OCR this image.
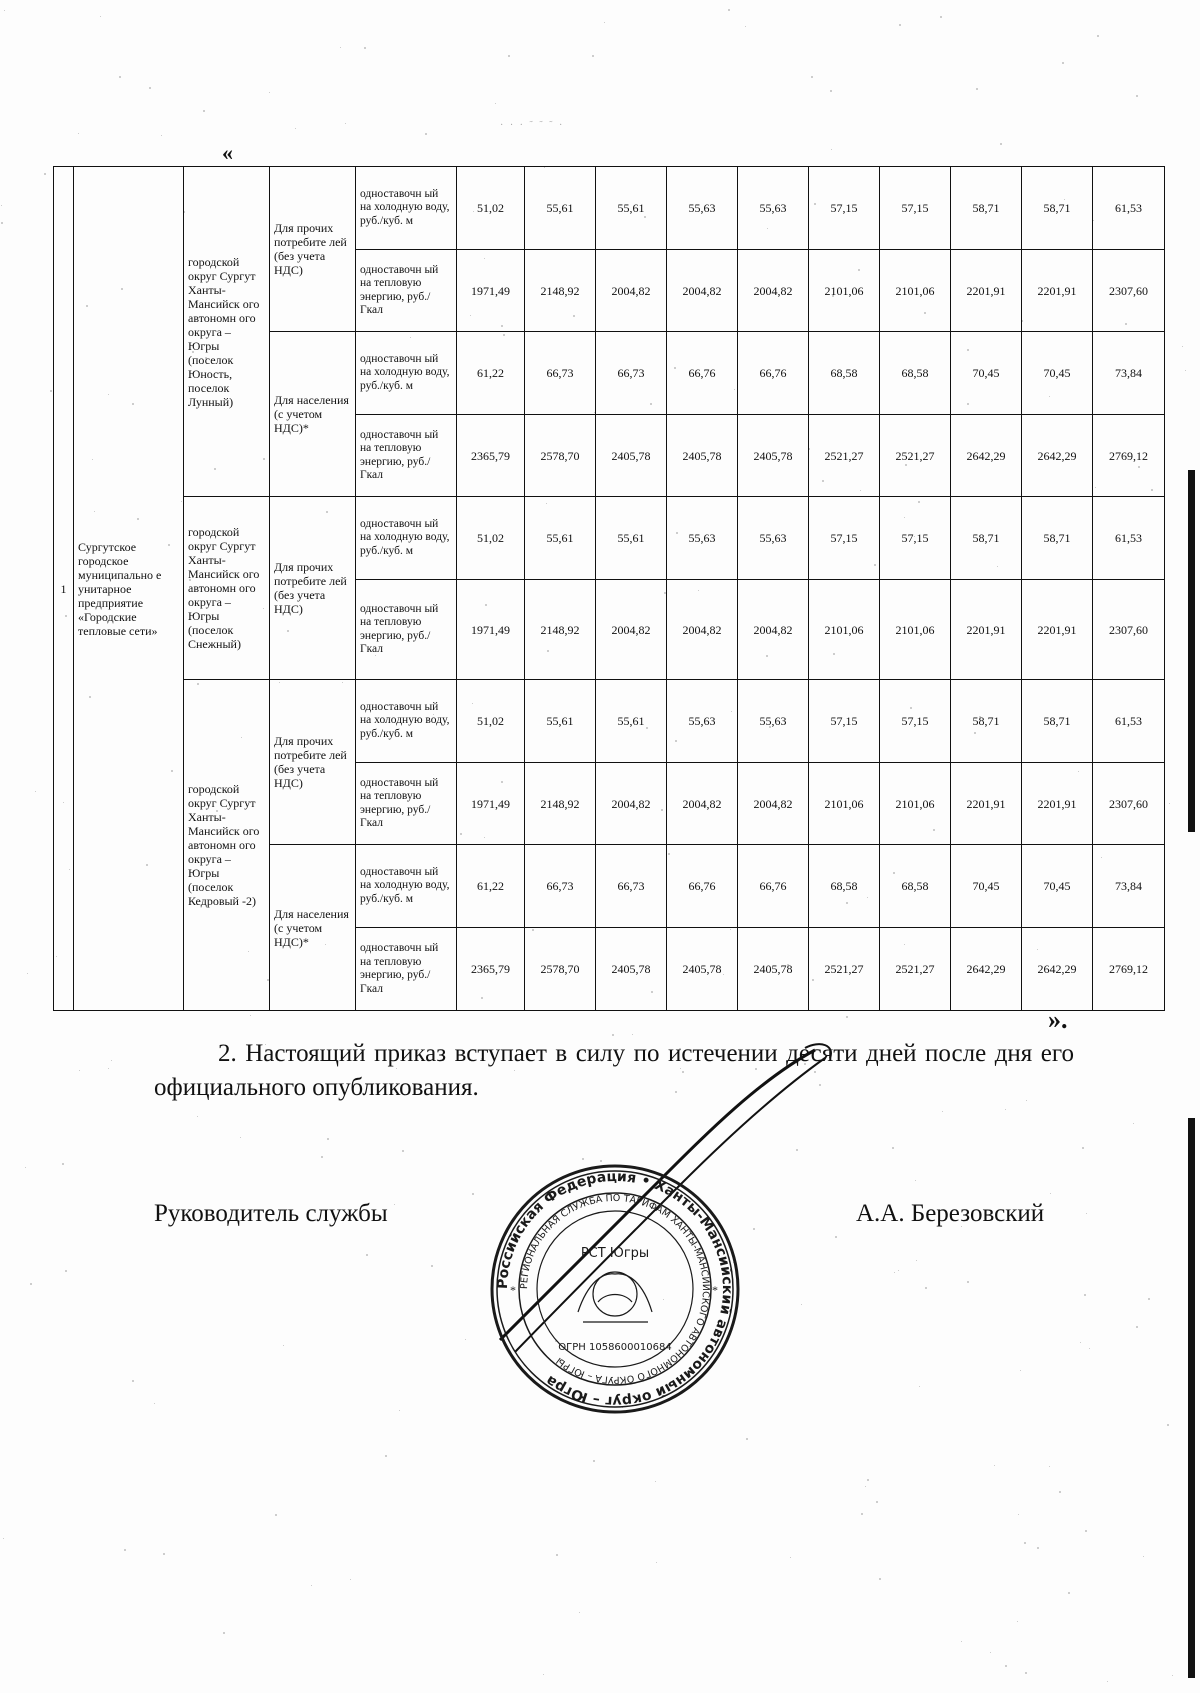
· · · ˜ ˜ ˜ ·
«
1	Сургутское городское муниципально е унитарное предприятие «Городские тепловые сети»	городской округ Сургут Ханты-Мансийск ого автономн ого округа – Югры (поселок Юность, поселок Лунный)	Для прочих потребите лей (без учета НДС)	одноставочн ый на холодную воду, руб./куб. м	51,02	55,61	55,61	55,63	55,63	57,15	57,15	58,71	58,71	61,53
				одноставочн ый на тепловую энергию, руб./ Гкал	1971,49	2148,92	2004,82	2004,82	2004,82	2101,06	2101,06	2201,91	2201,91	2307,60
			Для населения (с учетом НДС)*	одноставочн ый на холодную воду, руб./куб. м	61,22	66,73	66,73	66,76	66,76	68,58	68,58	70,45	70,45	73,84
				одноставочн ый на тепловую энергию, руб./ Гкал	2365,79	2578,70	2405,78	2405,78	2405,78	2521,27	2521,27	2642,29	2642,29	2769,12
		городской округ Сургут Ханты-Мансийск ого автономн ого округа – Югры (поселок Снежный)	Для прочих потребите лей (без учета НДС)	одноставочн ый на холодную воду, руб./куб. м	51,02	55,61	55,61	55,63	55,63	57,15	57,15	58,71	58,71	61,53
				одноставочн ый на тепловую энергию, руб./ Гкал	1971,49	2148,92	2004,82	2004,82	2004,82	2101,06	2101,06	2201,91	2201,91	2307,60
		городской округ Сургут Ханты-Мансийск ого автономн ого округа – Югры (поселок Кедровый -2)	Для прочих потребите лей (без учета НДС)	одноставочн ый на холодную воду, руб./куб. м	51,02	55,61	55,61	55,63	55,63	57,15	57,15	58,71	58,71	61,53
				одноставочн ый на тепловую энергию, руб./ Гкал	1971,49	2148,92	2004,82	2004,82	2004,82	2101,06	2101,06	2201,91	2201,91	2307,60
			Для населения (с учетом НДС)*	одноставочн ый на холодную воду, руб./куб. м	61,22	66,73	66,73	66,76	66,76	68,58	68,58	70,45	70,45	73,84
				одноставочн ый на тепловую энергию, руб./ Гкал	2365,79	2578,70	2405,78	2405,78	2405,78	2521,27	2521,27	2642,29	2642,29	2769,12
».
2. Настоящий приказ вступает в силу по истечении десяти дней после дня его официального опубликования.
Руководитель службы	А.А. Березовский
Российская Федерация • Ханты-Мансийский автономный округ – Югра
РЕГИОНАЛЬНАЯ СЛУЖБА ПО ТАРИФАМ ХАНТЫ-МАНСИЙСКОГО АВТОНОМНОГО ОКРУГА – ЮГРЫ
РСТ Югры
ОГРН 1058600010684
*	*
